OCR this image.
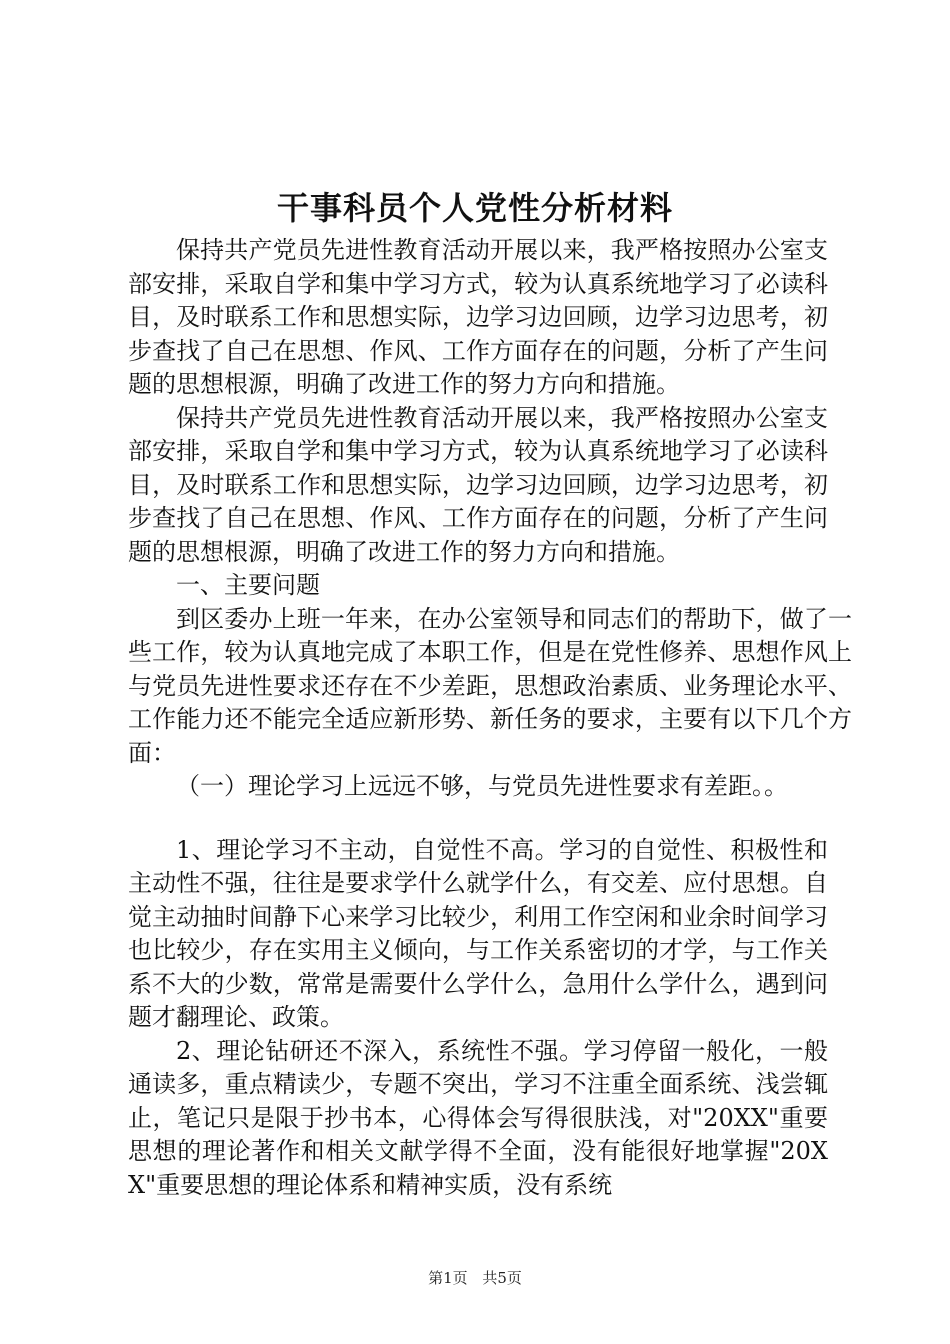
干事科员个人党性分析材料

保持共产党员先进性教育活动开展以来，我严格按照办公室支部安排，采取自学和集中学习方式，较为认真系统地学习了必读科目，及时联系工作和思想实际，边学习边回顾，边学习边思考，初步查找了自己在思想、作风、工作方面存在的问题，分析了产生问题的思想根源，明确了改进工作的努力方向和措施。

保持共产党员先进性教育活动开展以来，我严格按照办公室支部安排，采取自学和集中学习方式，较为认真系统地学习了必读科目，及时联系工作和思想实际，边学习边回顾，边学习边思考，初步查找了自己在思想、作风、工作方面存在的问题，分析了产生问题的思想根源，明确了改进工作的努力方向和措施。

一、主要问题

到区委办上班一年来，在办公室领导和同志们的帮助下，做了一些工作，较为认真地完成了本职工作，但是在党性修养、思想作风上与党员先进性要求还存在不少差距，思想政治素质、业务理论水平、工作能力还不能完全适应新形势、新任务的要求，主要有以下几个方面：

（一）理论学习上远远不够，与党员先进性要求有差距。。

1、理论学习不主动，自觉性不高。学习的自觉性、积极性和主动性不强，往往是要求学什么就学什么，有交差、应付思想。自觉主动抽时间静下心来学习比较少，利用工作空闲和业余时间学习也比较少，存在实用主义倾向，与工作关系密切的才学，与工作关系不大的少数，常常是需要什么学什么，急用什么学什么，遇到问题才翻理论、政策。

2、理论钻研还不深入，系统性不强。学习停留一般化，一般通读多，重点精读少，专题不突出，学习不注重全面系统、浅尝辄止，笔记只是限于抄书本，心得体会写得很肤浅，对"20XX"重要思想的理论著作和相关文献学得不全面，没有能很好地掌握"20XX"重要思想的理论体系和精神实质，没有系统

第1页 共5页
